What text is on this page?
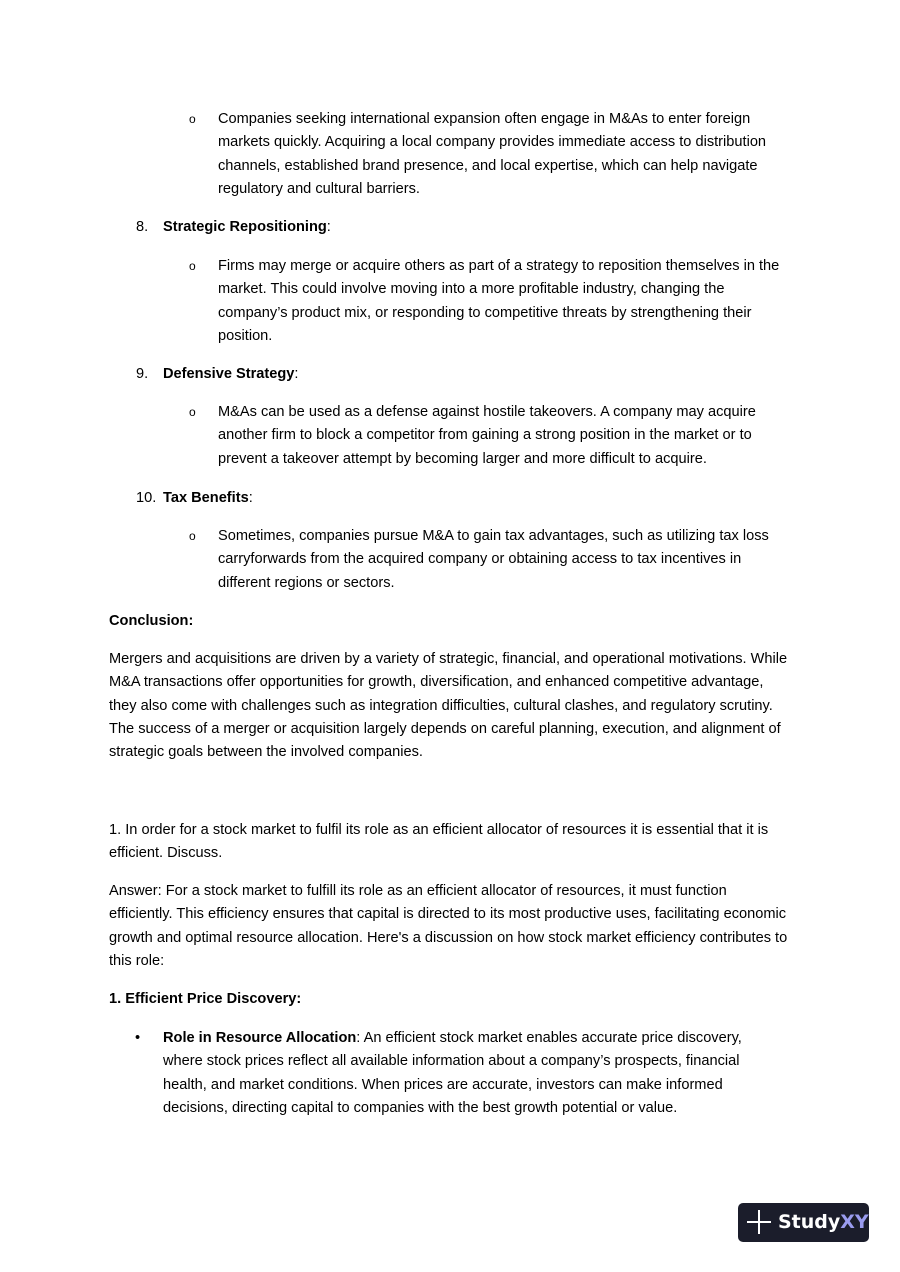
o Companies seeking international expansion often engage in M&As to enter foreign markets quickly. Acquiring a local company provides immediate access to distribution channels, established brand presence, and local expertise, which can help navigate regulatory and cultural barriers.

8. Strategic Repositioning:
o Firms may merge or acquire others as part of a strategy to reposition themselves in the market. This could involve moving into a more profitable industry, changing the company’s product mix, or responding to competitive threats by strengthening their position.

9. Defensive Strategy:
o M&As can be used as a defense against hostile takeovers. A company may acquire another firm to block a competitor from gaining a strong position in the market or to prevent a takeover attempt by becoming larger and more difficult to acquire.

10. Tax Benefits:
o Sometimes, companies pursue M&A to gain tax advantages, such as utilizing tax loss carryforwards from the acquired company or obtaining access to tax incentives in different regions or sectors.

Conclusion:

Mergers and acquisitions are driven by a variety of strategic, financial, and operational motivations. While M&A transactions offer opportunities for growth, diversification, and enhanced competitive advantage, they also come with challenges such as integration difficulties, cultural clashes, and regulatory scrutiny. The success of a merger or acquisition largely depends on careful planning, execution, and alignment of strategic goals between the involved companies.

1. In order for a stock market to fulfil its role as an efficient allocator of resources it is essential that it is efficient. Discuss.

Answer: For a stock market to fulfill its role as an efficient allocator of resources, it must function efficiently. This efficiency ensures that capital is directed to its most productive uses, facilitating economic growth and optimal resource allocation. Here's a discussion on how stock market efficiency contributes to this role:

1. Efficient Price Discovery:

• Role in Resource Allocation: An efficient stock market enables accurate price discovery, where stock prices reflect all available information about a company’s prospects, financial health, and market conditions. When prices are accurate, investors can make informed decisions, directing capital to companies with the best growth potential or value.

StudyXY
